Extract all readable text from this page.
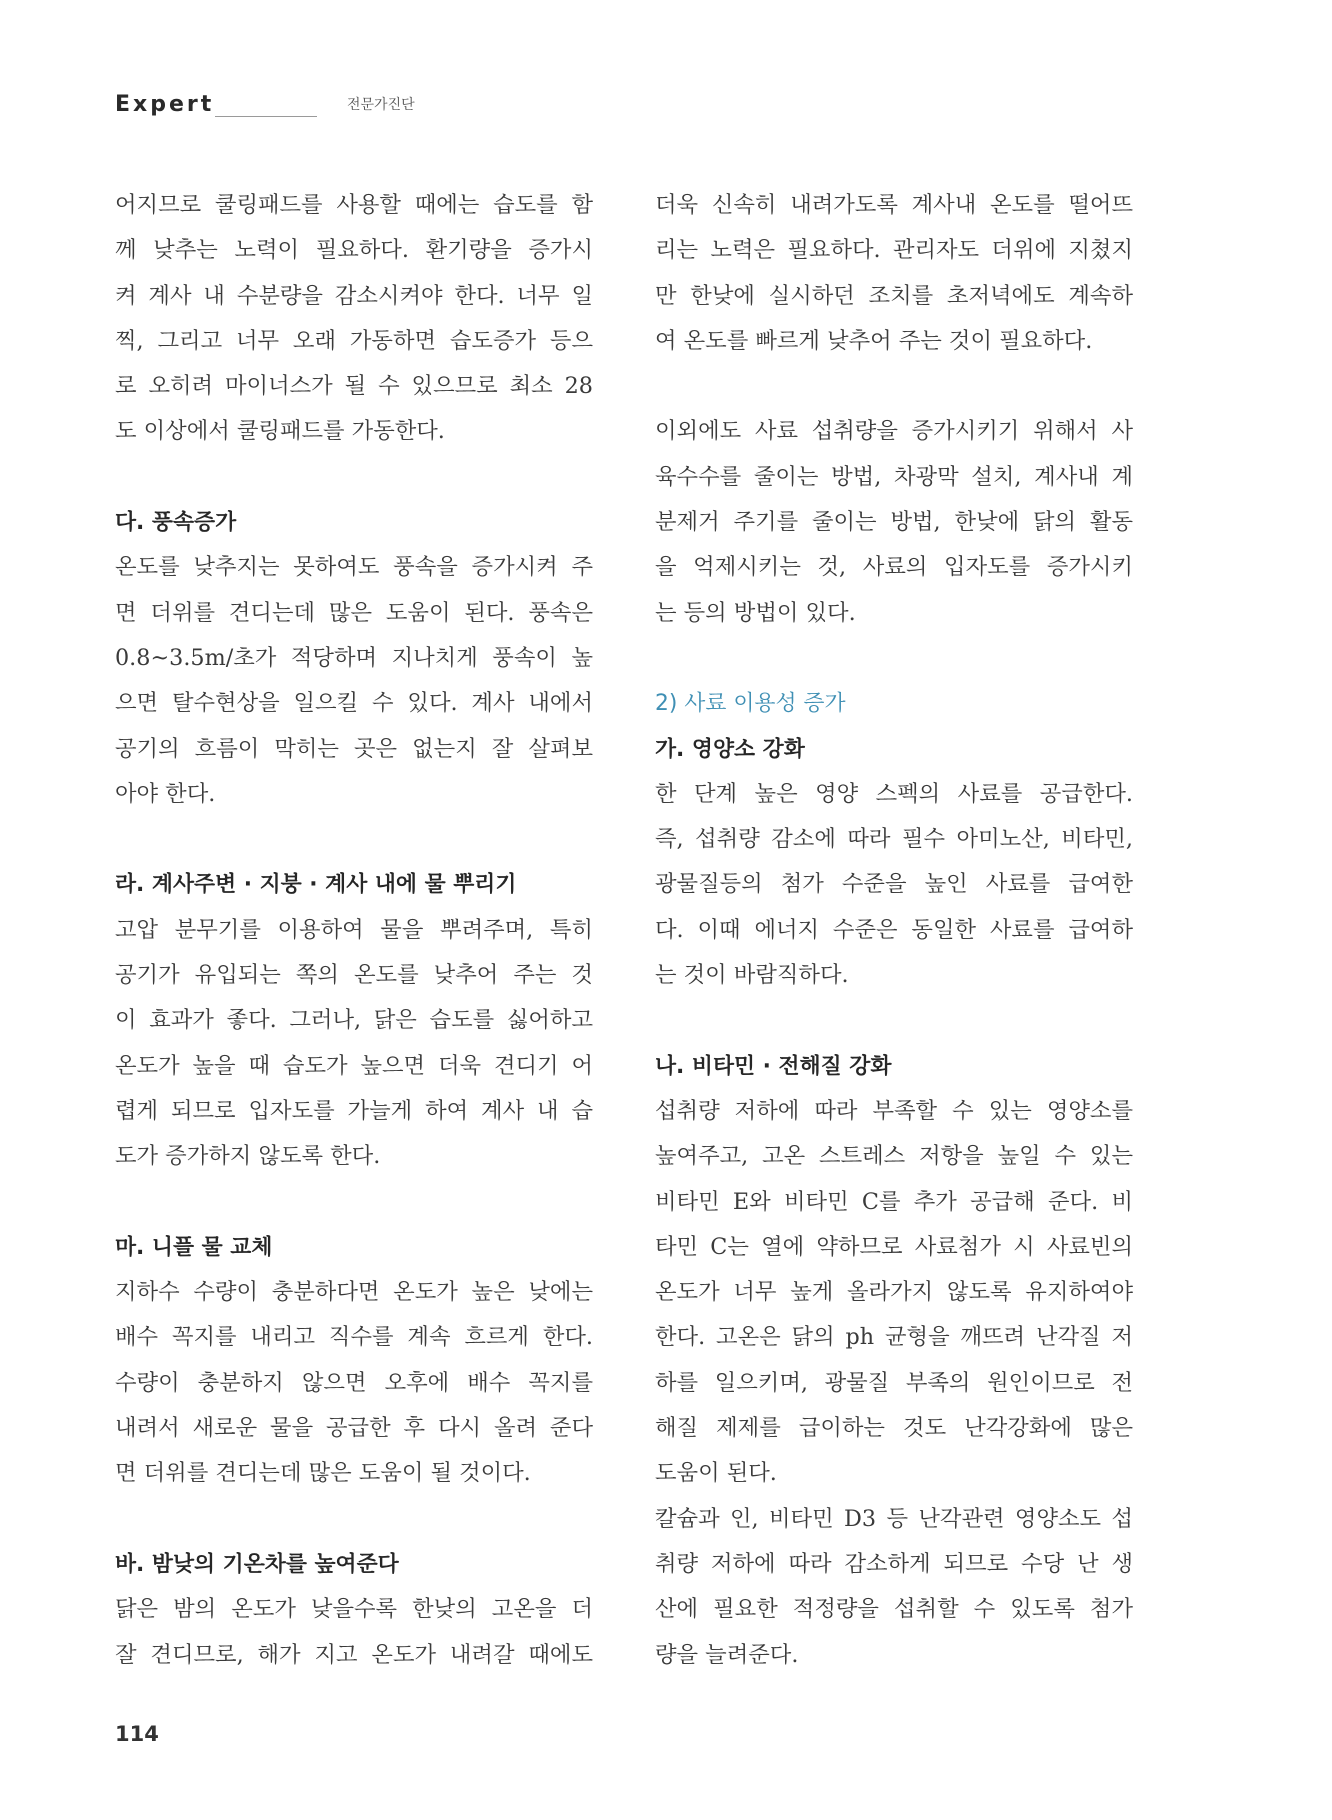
Expert	전문가진단
어지므로 쿨링패드를 사용할 때에는 습도를 함
께 낮추는 노력이 필요하다. 환기량을 증가시
켜 계사 내 수분량을 감소시켜야 한다. 너무 일
찍, 그리고 너무 오래 가동하면 습도증가 등으
로 오히려 마이너스가 될 수 있으므로 최소 28
도 이상에서 쿨링패드를 가동한다.
다. 풍속증가
온도를 낮추지는 못하여도 풍속을 증가시켜 주
면 더위를 견디는데 많은 도움이 된다. 풍속은
0.8~3.5m/초가 적당하며 지나치게 풍속이 높
으면 탈수현상을 일으킬 수 있다. 계사 내에서
공기의 흐름이 막히는 곳은 없는지 잘 살펴보
아야 한다.
라. 계사주변 · 지붕 · 계사 내에 물 뿌리기
고압 분무기를 이용하여 물을 뿌려주며, 특히
공기가 유입되는 쪽의 온도를 낮추어 주는 것
이 효과가 좋다. 그러나, 닭은 습도를 싫어하고
온도가 높을 때 습도가 높으면 더욱 견디기 어
렵게 되므로 입자도를 가늘게 하여 계사 내 습
도가 증가하지 않도록 한다.
마. 니플 물 교체
지하수 수량이 충분하다면 온도가 높은 낮에는
배수 꼭지를 내리고 직수를 계속 흐르게 한다.
수량이 충분하지 않으면 오후에 배수 꼭지를
내려서 새로운 물을 공급한 후 다시 올려 준다
면 더위를 견디는데 많은 도움이 될 것이다.
바. 밤낮의 기온차를 높여준다
닭은 밤의 온도가 낮을수록 한낮의 고온을 더
잘 견디므로, 해가 지고 온도가 내려갈 때에도
더욱 신속히 내려가도록 계사내 온도를 떨어뜨
리는 노력은 필요하다. 관리자도 더위에 지쳤지
만 한낮에 실시하던 조치를 초저녁에도 계속하
여 온도를 빠르게 낮추어 주는 것이 필요하다.
이외에도 사료 섭취량을 증가시키기 위해서 사
육수수를 줄이는 방법, 차광막 설치, 계사내 계
분제거 주기를 줄이는 방법, 한낮에 닭의 활동
을 억제시키는 것, 사료의 입자도를 증가시키
는 등의 방법이 있다.
2) 사료 이용성 증가
가. 영양소 강화
한 단계 높은 영양 스펙의 사료를 공급한다.
즉, 섭취량 감소에 따라 필수 아미노산, 비타민,
광물질등의 첨가 수준을 높인 사료를 급여한
다. 이때 에너지 수준은 동일한 사료를 급여하
는 것이 바람직하다.
나. 비타민 · 전해질 강화
섭취량 저하에 따라 부족할 수 있는 영양소를
높여주고, 고온 스트레스 저항을 높일 수 있는
비타민 E와 비타민 C를 추가 공급해 준다. 비
타민 C는 열에 약하므로 사료첨가 시 사료빈의
온도가 너무 높게 올라가지 않도록 유지하여야
한다. 고온은 닭의 ph 균형을 깨뜨려 난각질 저
하를 일으키며, 광물질 부족의 원인이므로 전
해질 제제를 급이하는 것도 난각강화에 많은
도움이 된다.
칼슘과 인, 비타민 D3 등 난각관련 영양소도 섭
취량 저하에 따라 감소하게 되므로 수당 난 생
산에 필요한 적정량을 섭취할 수 있도록 첨가
량을 늘려준다.
114
